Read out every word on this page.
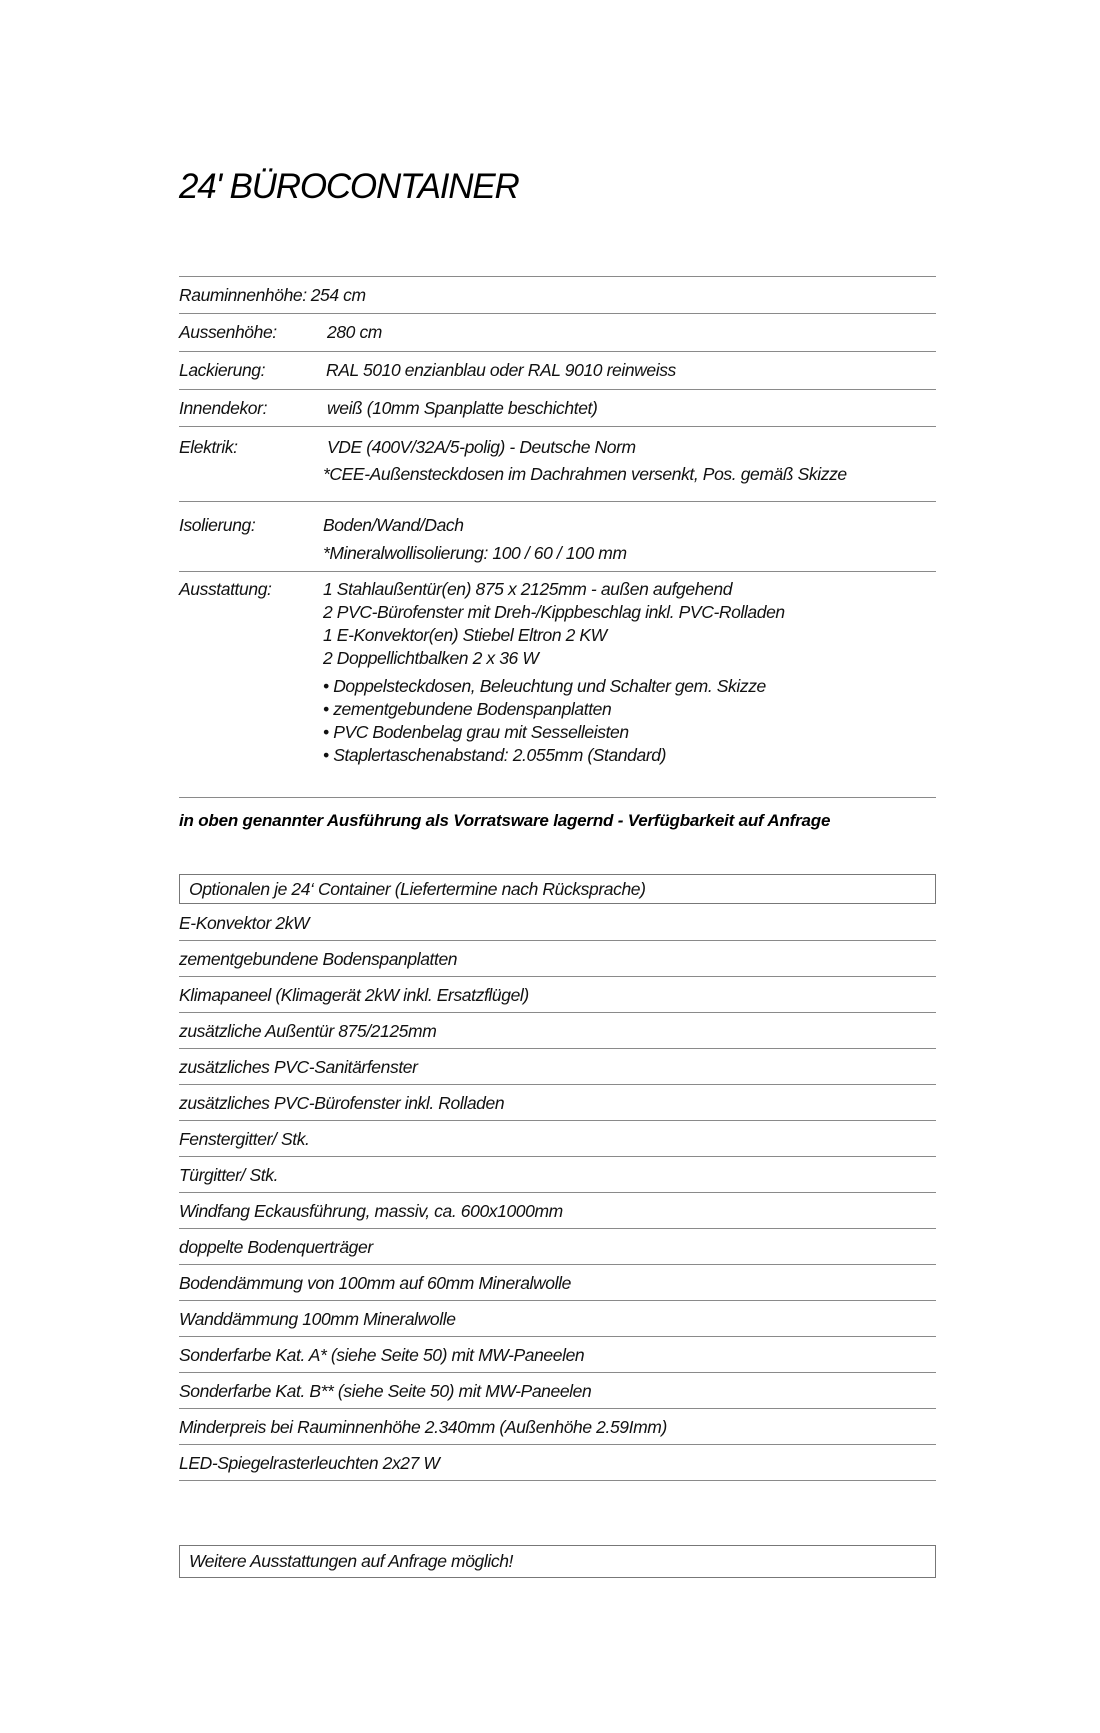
24' BÜROCONTAINER
Rauminnenhöhe: 254 cm
Aussenhöhe:	280 cm
Lackierung:	RAL 5010 enzianblau oder RAL 9010 reinweiss
Innendekor:	weiß (10mm Spanplatte beschichtet)
Elektrik:	VDE (400V/32A/5-polig) - Deutsche Norm
*CEE-Außensteckdosen im Dachrahmen versenkt, Pos. gemäß Skizze
Isolierung:	Boden/Wand/Dach
*Mineralwollisolierung: 100 / 60 / 100 mm
Ausstattung:	1 Stahlaußentür(en) 875 x 2125mm - außen aufgehend
2 PVC-Bürofenster mit Dreh-/Kippbeschlag inkl. PVC-Rolladen
1 E-Konvektor(en) Stiebel Eltron 2 KW
2 Doppellichtbalken 2 x 36 W
• Doppelsteckdosen, Beleuchtung und Schalter gem. Skizze
• zementgebundene Bodenspanplatten
• PVC Bodenbelag grau mit Sesselleisten
• Staplertaschenabstand: 2.055mm (Standard)
in oben genannter Ausführung als Vorratsware lagernd - Verfügbarkeit auf Anfrage
Optionalen je 24‘ Container (Liefertermine nach Rücksprache)
E-Konvektor 2kW
zementgebundene Bodenspanplatten
Klimapaneel (Klimagerät 2kW inkl. Ersatzflügel)
zusätzliche Außentür 875/2125mm
zusätzliches PVC-Sanitärfenster
zusätzliches PVC-Bürofenster inkl. Rolladen
Fenstergitter/ Stk.
Türgitter/ Stk.
Windfang Eckausführung, massiv, ca. 600x1000mm
doppelte Bodenquerträger
Bodendämmung von 100mm auf 60mm Mineralwolle
Wanddämmung 100mm Mineralwolle
Sonderfarbe Kat. A* (siehe Seite 50) mit MW-Paneelen
Sonderfarbe Kat. B** (siehe Seite 50) mit MW-Paneelen
Minderpreis bei Rauminnenhöhe 2.340mm (Außenhöhe 2.59Imm)
LED-Spiegelrasterleuchten 2x27 W
Weitere Ausstattungen auf Anfrage möglich!
